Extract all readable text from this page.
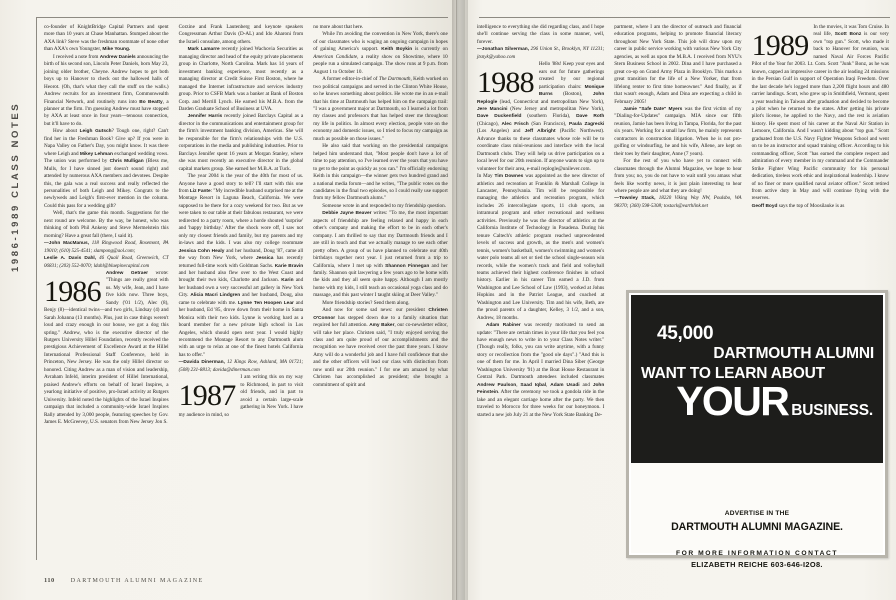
1986-1989 CLASS NOTES

co-founder of KnightBridge Capital Partners and spent more than 10 years at Chase Manhattan. Stumped about the AXA link? Steve was the freshman roommate of none other than AXA's own Youngster, Mike Young.

I received a note from Andrew Daniels announcing the birth of his second son, Lincoln Peter Daniels, born May 23, joining older brother, Cheyne. Andrew hopes to get both boys up to Hanover to check out the hallowed halls of Heorot. (Oh, that's what they call the stuff on the walls.) Andrew recruits for an investment firm, Commonwealth Financial Network, and routinely runs into Bo Beatty, a planner at the firm. I'm guessing Andrew must have stopped by AXA at least once in four years—tenuous connection, but it'll have to do.

How about Leigh Gutsch? Tough one, right? Can't find her in the Freshman Book? Give up? If you were in Napa Valley on Father's Day, you might know. It was there where Leigh and Mikey Lehman exchanged wedding vows. The union was performed by Chris Mulligan (Bless me, Mulls, for I have sinned just doesn't sound right) and attended by numerous AXA members and devotees. Despite this, the gala was a real success and really reflected the personalities of both Leigh and Mikey. Congrats to the newlyweds and Leigh's first-ever mention in the column. Could this pass for a wedding gift?

Well, that's the game this month. Suggestions for the next round are welcome. By the way, be honest, who was thinking of both Phil Ankeny and Steve Mermelstein this morning? Have a great fall (there, I said it).

—John MacManus, 118 Ringwood Road, Rosemont, PA 19010; (610) 525-4541; slampong@aol.com;

Leslie A. Davis Dahl, 46 Quail Road, Greenwich, CT 06831; (203) 552-0070; ldahl@bluepinecapital.com

1986

Andrew Getraer wrote: "Things are really great with us. My wife, Jean, and I have five kids now. Three boys, Sandy ('01 1/2), Alec (8), Benjy (8)—identical twins—and two girls, Lindsay (4) and Sarah Johanna (13 months). Plus, just in case things weren't loud and crazy enough in our house, we got a dog this spring." Andrew, who is the executive director of the Rutgers University Hillel Foundation, recently received the prestigious Achievement of Excellence Award at the Hillel International Professional Staff Conference, held in Princeton, New Jersey. He was the only Hillel director so honored. Citing Andrew as a man of vision and leadership, Avraham Infeld, interim president of Hillel International, praised Andrew's efforts on behalf of Israel Inspires, a yearlong initiative of positive, pro-Israel activity at Rutgers University. Infeld noted the highlights of the Israel Inspires campaign that included a community-wide Israel Inspires Rally attended by 3,000 people, featuring speeches by Gov. James E. McGreevey, U.S. senators from New Jersey Jon S.

Corzine and Frank Lautenberg and keynote speakers Congressman Arthur Davis (D-AL) and Ido Aharoni from the Israeli consulate, among others.

Mark Lamarre recently joined Wachovia Securities as managing director and head of the equity private placements group in Charlotte, North Carolina. Mark has 14 years of investment banking experience, most recently as a managing director at Credit Suisse First Boston, where he managed the Internet infrastructure and services industry group. Prior to CSFB Mark was a banker at Bank of Boston Corp. and Merrill Lynch. He earned his M.B.A. from the Darden Graduate School of Business at UVA.

Jennifer Harris recently joined Barclays Capital as a director in the communications and entertainment group for the firm's investment banking division, Americas. She will be responsible for the firm's relationships with the U.S. corporations in the media and publishing industries. Prior to Barclays Jennifer spent 16 years at Morgan Stanley, where she was most recently an executive director in the global capital markets group. She earned her M.B.A. at Tuck.

The year 2004 is the year of the 40th for most of us. Anyone have a good story to tell? I'll start with this one from Liz Fante: "My incredible husband surprised me at the Montage Resort in Laguna Beach, California. We were supposed to be there for a cozy weekend for two. But as we were taken to our table at their fabulous restaurant, we were redirected to a party room, where a horde shouted 'surprise' and 'happy birthday.' After the shock wore off, I saw not only my closest friends and family, but my parents and my in-laws and the kids. I was also my college roommate Jessica Cohn Healy and her husband, Doug '87, came all the way from New York, where Jessica has recently returned full-time work with Goldman Sachs. Karie Bravin and her husband also flew over to the West Coast and brought their two kids, Charlotte and Jackson. Karin and her husband own a very successful art gallery in New York City. Alicia Macri Lindgren and her husband, Doug, also came to celebrate with me. Lynne Ten Hoopen Lear and her husband, Ed '85, drove down from their home in Santa Monica with their two kids. Lynne is working hard as a board member for a new private high school in Los Angeles, which should open next year. I would highly recommend the Montage Resort to any Dartmouth alum with an urge to relax at one of the finest hotels California has to offer."

—Davida Dinerman, 12 Kings Row, Ashland, MA 01721; (508) 231-8813; davida@dinerman.com

1987

I am writing this on my way to Richmond, in part to visit old friends, and in part to avoid a certain large-scale gathering in New York. I have my audience in mind, so

no more about that here.

While I'm avoiding the convention in New York, there's one of our classmates who is waging an ongoing campaign in hopes of gaining America's support. Keith Boykin is currently on American Candidate, a reality show on Showtime, where 10 people run a simulated campaign. The show runs at 9 p.m. from August 1 to October 10.

A former editor-in-chief of The Dartmouth, Keith worked on two political campaigns and served in the Clinton White House, so he knows something about politics. He wrote me in an e-mail that his time at Dartmouth has helped him on the campaign trail: "I was a government major at Dartmouth, so I learned a lot from my classes and professors that has helped steer me throughout my life in politics. In almost every election, people vote on the economy and domestic issues, so I tried to focus my campaign as much as possible on those issues."

He also said that working on the presidential campaigns helped him understand that, "Most people don't have a lot of time to pay attention, so I've learned over the years that you have to get to the point as quickly as you can." I'm officially endorsing Keith in this campaign—the winner gets two hundred grand and a national media forum—and he writes, "The public votes on the candidates in the final two episodes, so I could really use support from my fellow Dartmouth alums."

Someone wrote in and responded to my friendship question.

Debbie Jayne Beaver writes: "To me, the most important aspects of friendship are feeling relaxed and happy in each other's company and making the effort to be in each other's company. I am thrilled to say that my Dartmouth friends and I are still in touch and that we actually manage to see each other pretty often. A group of us have planned to celebrate our 40th birthdays together next year. I just returned from a trip to California, where I met up with Shannon Finnegan and her family. Shannon quit lawyering a few years ago to be home with the kids and they all seem quite happy. Although I am mostly home with my kids, I still teach an occasional yoga class and do massage, and this past winter I taught skiing at Deer Valley."

More friendship stories? Send them along.

And now for some sad news: our president Christen O'Connor has stepped down due to a family situation that required her full attention. Amy Baker, our co-newsletter editor, will take her place. Christen said, "I truly enjoyed serving the class and am quite proud of our accomplishments and the recognition we have received over the past three years. I know Amy will do a wonderful job and I have full confidence that she and the other officers will lead our class with distinction from now until our 20th reunion." I for one am amazed by what Christen has accomplished as president; she brought a commitment of spirit and

110	DARTMOUTH ALUMNI MAGAZINE

intelligence to everything she did regarding class, and I hope she'll continue serving the class in some manner, well, forever.

—Jonathan Silverman, 296 Union St., Brooklyn, NY 11231; jtsnyk@yahoo.com

1988

Hello '88s! Keep your eyes and ears out for future gatherings created by our regional participation chairs: Monique Burns (Boston), John Replogle (lead, Connecticut and metropolitan New York), Jere Mancini (New Jersey and metropolitan New York), Dave Duckenfield (southern Florida), Dave Roth (Chicago), Alec Frisch (San Francisco), Paula Zagrecki (Los Angeles) and Jeff Albright (Pacific Northwest). Advance thanks to these classmates whose role will be to coordinate class mini-reunions and interface with the local Dartmouth clubs. They will help us drive participation on a local level for our 20th reunion. If anyone wants to sign up to volunteer for their area, e-mail replogle@unilever.com.

In May Tim Downes was appointed as the new director of athletics and recreation at Franklin & Marshall College in Lancaster, Pennsylvania. Tim will be responsible for managing the athletics and recreation program, which includes 26 intercollegiate sports, 11 club sports, an intramural program and other recreational and wellness activities. Previously he was the director of athletics at the California Institute of Technology in Pasadena. During his tenure Caltech's athletic program reached unprecedented levels of success and growth, as the men's and women's tennis, women's basketball, women's swimming and women's water polo teams all set or tied the school single-season win records, while the women's track and field and volleyball teams achieved their highest conference finishes in school history. Earlier in his career Tim earned a J.D. from Washington and Lee School of Law (1993), worked at Johns Hopkins and in the Patriot League, and coached at Washington and Lee University. Tim and his wife, Beth, are the proud parents of a daughter, Kelley, 3 1/2, and a son, Andrew, 18 months.

Adam Rabiner was recently motivated to send an update: "There are certain times in your life that you feel you have enough news to write in to your Class Notes writer." (Though really, folks, you can write anytime, with a funny story or recollection from the "good ole days".) "And this is one of them for me. In April I married Dina Siber (George Washington University '91) at the Boat House Restaurant in Central Park. Dartmouth attendees included classmates Andrew Paulson, Saad Iqbal, Adam Usadi and John Feinstein. After the ceremony we took a gondola ride in the lake and an elegant carriage home after the party. We then traveled to Morocco for three weeks for our honeymoon. I started a new job July 21 at the New York State Banking De-

partment, where I am the director of outreach and financial education programs, helping to promote financial literacy throughout New York State. This job will draw upon my career in public service working with various New York City agencies, as well as upon the M.B.A. I received from NYU's Stern Business School in 2002. Dina and I have purchased a great co-op on Grand Army Plaza in Brooklyn. This marks a great transition for the life of a New Yorker, that from lifelong renter to first time homeowner." And finally, as if that wasn't enough, Adam and Dina are expecting a child in February 2005!

Jamie "Safe Date" Myers was the first victim of my "Dialing-for-Updates" campaign. MIA since our fifth reunion, Jamie has been living in Tampa, Florida, for the past six years. Working for a small law firm, he mainly represents contractors in construction litigation. When he is not pro-golfing or windsurfing, he and his wife, Allene, are kept on their toes by their daughter, Anne (7 years).

For the rest of you who have yet to connect with classmates through the Alumni Magazine, we hope to hear from you; no, you do not have to wait until you amass what feels like worthy news, it is just plain interesting to hear where people are and what they are doing!

—Townley Stack, 18220 Viking Way NW, Poulsbo, WA 98370; (360) 598-5308; tostack@earthlink.net

1989

In the movies, it was Tom Cruise. In real life, Scott Bonz is our very own "top gun." Scott, who made it back to Hanover for reunion, was named Naval Air Forces Pacific Pilot of the Year for 2003. Lt. Com. Scott "Junk" Bonz, as he was known, capped an impressive career in the air leading 24 missions in the Persian Gulf in support of Operation Iraqi Freedom. Over the last decade he's logged more than 2,200 flight hours and 480 carrier landings. Scott, who grew up in Smithfield, Vermont, spent a year teaching in Taiwan after graduation and decided to become a pilot when he returned to the states. After getting his private pilot's license, he applied to the Navy, and the rest is aviation history. He spent most of his career at the Naval Air Station in Lemoore, California. And I wasn't kidding about "top gun." Scott graduated from the U.S. Navy Fighter Weapons School and went on to be an instructor and squad training officer. According to his commanding officer, Scott "has earned the complete respect and admiration of every member in my command and the Commander Strike Fighter Wing Pacific community for his personal dedication, tireless work ethic and inspirational leadership. I know of no finer or more qualified naval aviator officer." Scott retired from active duty in May and will continue flying with the reserves.

Geoff Boyd says the top of Moosilauke is as

45,000
DARTMOUTH ALUMNI
WANT TO LEARN ABOUT
YOUR BUSINESS.
ADVERTISE IN THE
DARTMOUTH ALUMNI MAGAZINE.
FOR MORE INFORMATION CONTACT
ELIZABETH REICHE 603-646-I2O8.
